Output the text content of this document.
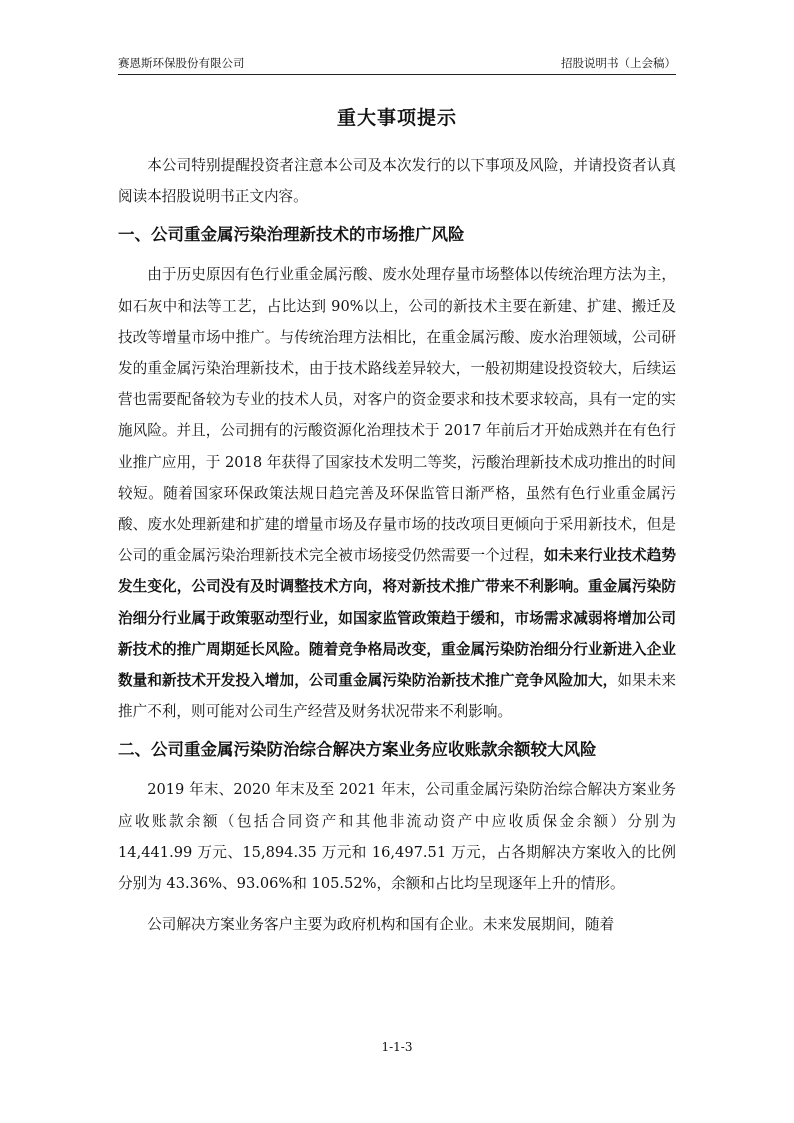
赛恩斯环保股份有限公司	招股说明书（上会稿）
重大事项提示

本公司特别提醒投资者注意本公司及本次发行的以下事项及风险，并请投资者认真阅读本招股说明书正文内容。

一、公司重金属污染治理新技术的市场推广风险

由于历史原因有色行业重金属污酸、废水处理存量市场整体以传统治理方法为主，如石灰中和法等工艺，占比达到 90%以上，公司的新技术主要在新建、扩建、搬迁及技改等增量市场中推广。与传统治理方法相比，在重金属污酸、废水治理领域，公司研发的重金属污染治理新技术，由于技术路线差异较大，一般初期建设投资较大，后续运营也需要配备较为专业的技术人员，对客户的资金要求和技术要求较高，具有一定的实施风险。并且，公司拥有的污酸资源化治理技术于 2017 年前后才开始成熟并在有色行业推广应用，于 2018 年获得了国家技术发明二等奖，污酸治理新技术成功推出的时间较短。随着国家环保政策法规日趋完善及环保监管日渐严格，虽然有色行业重金属污酸、废水处理新建和扩建的增量市场及存量市场的技改项目更倾向于采用新技术，但是公司的重金属污染治理新技术完全被市场接受仍然需要一个过程，如未来行业技术趋势发生变化，公司没有及时调整技术方向，将对新技术推广带来不利影响。重金属污染防治细分行业属于政策驱动型行业，如国家监管政策趋于缓和，市场需求减弱将增加公司新技术的推广周期延长风险。随着竞争格局改变，重金属污染防治细分行业新进入企业数量和新技术开发投入增加，公司重金属污染防治新技术推广竞争风险加大，如果未来推广不利，则可能对公司生产经营及财务状况带来不利影响。

二、公司重金属污染防治综合解决方案业务应收账款余额较大风险

2019 年末、2020 年末及至 2021 年末，公司重金属污染防治综合解决方案业务应收账款余额（包括合同资产和其他非流动资产中应收质保金余额）分别为 14,441.99 万元、15,894.35 万元和 16,497.51 万元，占各期解决方案收入的比例分别为 43.36%、93.06%和 105.52%，余额和占比均呈现逐年上升的情形。

公司解决方案业务客户主要为政府机构和国有企业。未来发展期间，随着

1-1-3
